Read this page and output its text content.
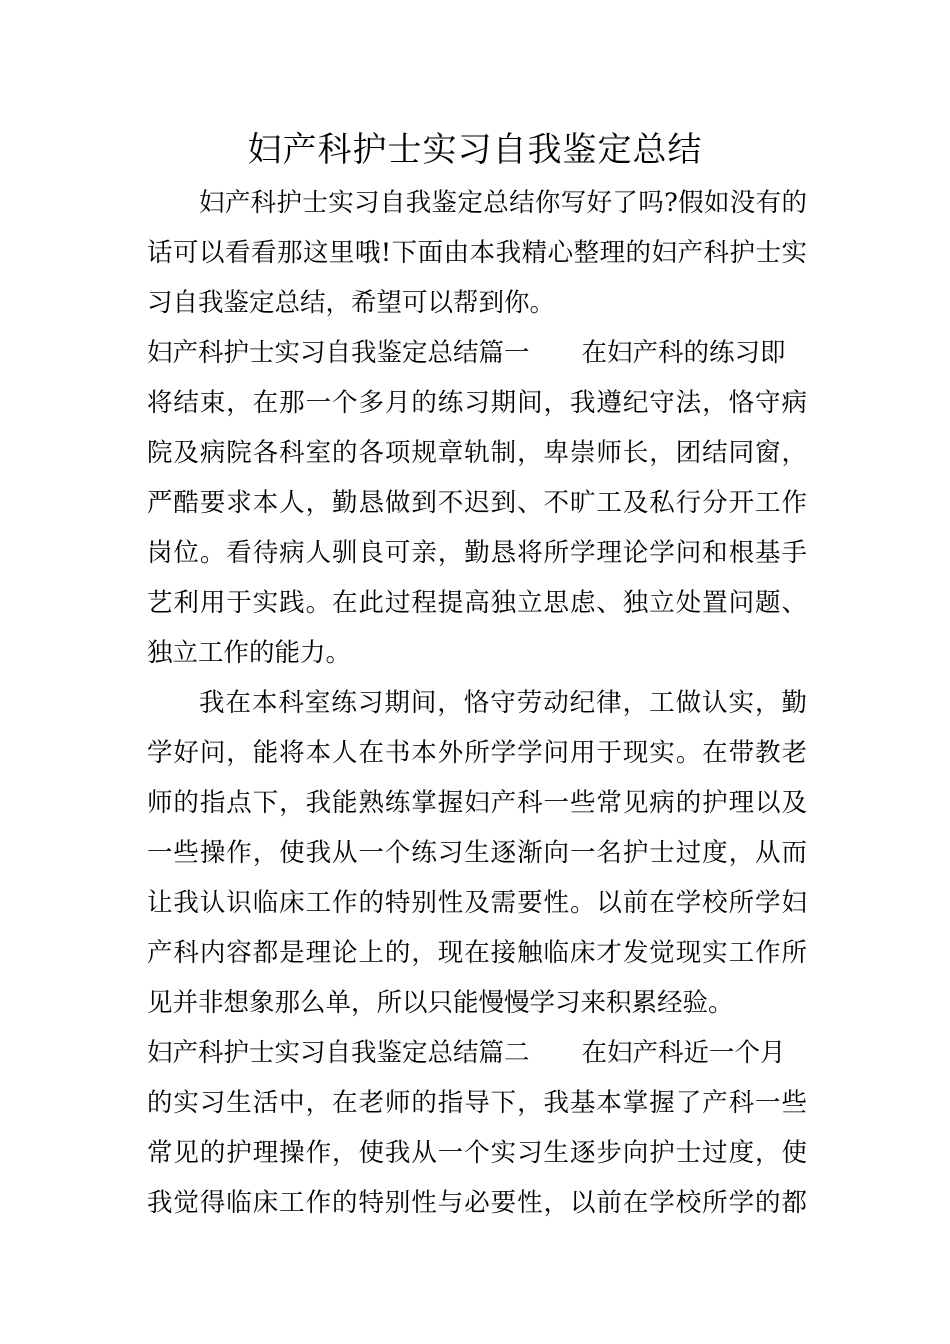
妇产科护士实习自我鉴定总结
妇产科护士实习自我鉴定总结你写好了吗?假如没有的
话可以看看那这里哦!下面由本我精心整理的妇产科护士实
习自我鉴定总结，希望可以帮到你。
妇产科护士实习自我鉴定总结篇一 在妇产科的练习即
将结束，在那一个多月的练习期间，我遵纪守法，恪守病
院及病院各科室的各项规章轨制，卑崇师长，团结同窗，
严酷要求本人，勤恳做到不迟到、不旷工及私行分开工作
岗位。看待病人驯良可亲，勤恳将所学理论学问和根基手
艺利用于实践。在此过程提高独立思虑、独立处置问题、
独立工作的能力。
我在本科室练习期间，恪守劳动纪律，工做认实，勤
学好问，能将本人在书本外所学学问用于现实。在带教老
师的指点下，我能熟练掌握妇产科一些常见病的护理以及
一些操作，使我从一个练习生逐渐向一名护士过度，从而
让我认识临床工作的特别性及需要性。以前在学校所学妇
产科内容都是理论上的，现在接触临床才发觉现实工作所
见并非想象那么单，所以只能慢慢学习来积累经验。
妇产科护士实习自我鉴定总结篇二 在妇产科近一个月
的实习生活中，在老师的指导下，我基本掌握了产科一些
常见的护理操作，使我从一个实习生逐步向护士过度，使
我觉得临床工作的特别性与必要性，以前在学校所学的都
